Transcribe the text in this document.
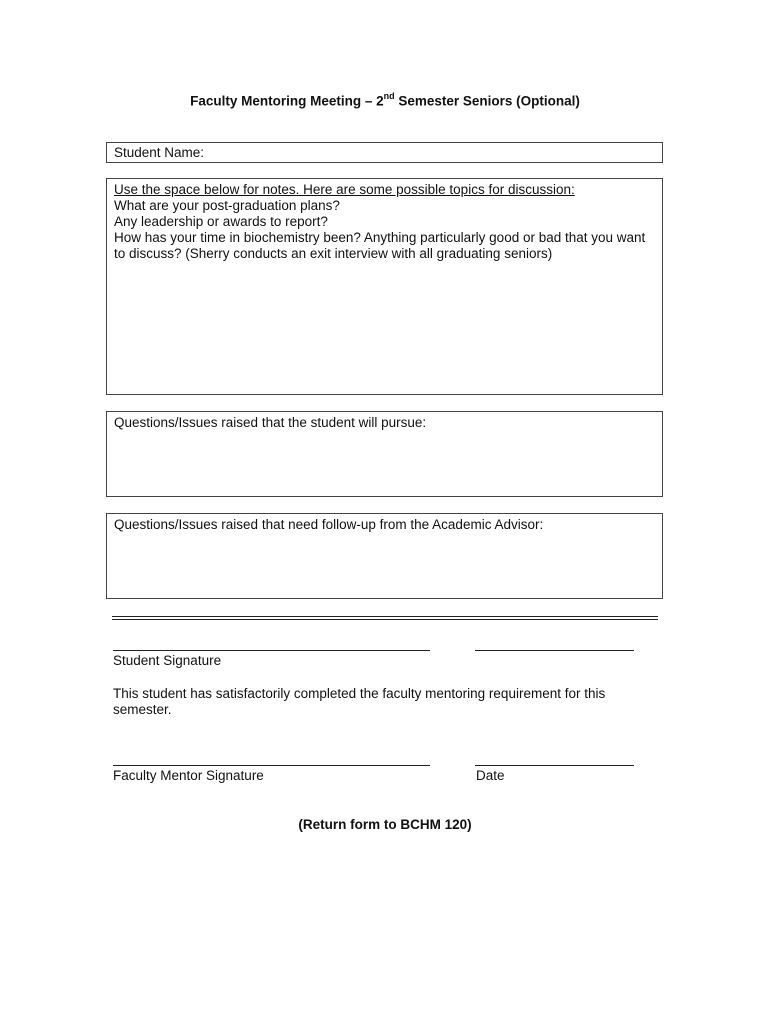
Faculty Mentoring Meeting – 2nd Semester Seniors (Optional)
Student Name:
Use the space below for notes. Here are some possible topics for discussion:
What are your post-graduation plans?
Any leadership or awards to report?
How has your time in biochemistry been? Anything particularly good or bad that you want to discuss? (Sherry conducts an exit interview with all graduating seniors)
Questions/Issues raised that the student will pursue:
Questions/Issues raised that need follow-up from the Academic Advisor:
Student Signature
This student has satisfactorily completed the faculty mentoring requirement for this semester.
Faculty Mentor Signature	Date
(Return form to BCHM 120)
